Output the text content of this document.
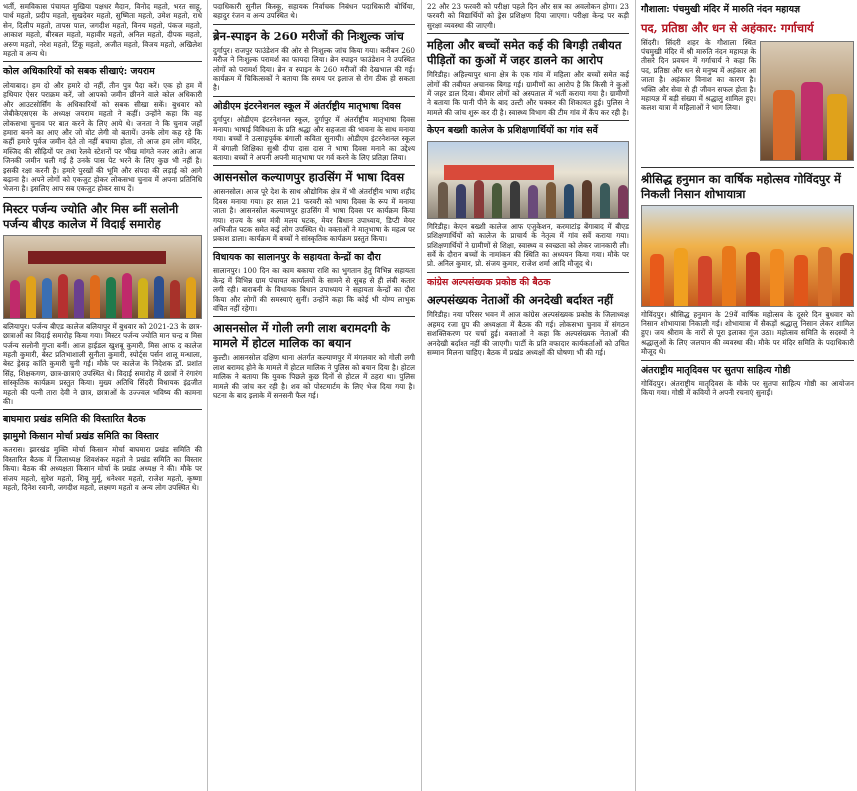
भर्ती, समविकास पंचायत मुखिया पक्षधर मैदान, विनोद महतो, भरत साहू, पार्थ महतो, प्रदीप महतो, सुखदेवर महतो, सुष्मिता महतो, उमेश महतो, राधे सेन, दिलीप महतो, तापस पाल, जगदीश महतो, विनय महतो, पंकज महतो, आकाश महतो, बीरबल महतो, महावीर महतो, अनिल महतो, दीपक महतो, अरुण महतो, नरेश महतो, टिंकू महतो, अजीत महतो, विजय महतो, अखिलेश महतो व अन्य थे।

कोल अधिकारियों को सबक सीखाएं: जयराम

लोयाबाद। हम दो और हमारे दो नहीं, तीन पुत्र पैदा करें। एक हो हम में हथियार ऐसर पराक्रम करें, जो आपको जमीन छीनने वाले कोल अधिकारी और आउटसोर्सिंग के अधिकारियों को सबक सीखा सकें। बुधवार को जेबीकेएसएस के अध्यक्ष जयराम महतो ने कहीं। उन्होंने कहा कि वह लोकसभा चुनाव पर बात करने के लिए आये थे। जनता ने कि चुनाव जहाँ हमारा बनने का आए और जो वोट लेगी वो बतायें। उनके लोग कह रहे कि कहीं हमारे पूर्वज जमीन देते तो नहीं बचाया होता, तो आज हम लोग मंदिर, मस्जिद की सीढ़ियों पर तथा रेलवे स्टेशनों पर भीख मांगते नजर आते। आज जिनकी जमीन चली गई है उनके पास पेट भरने के लिए कुछ भी नहीं है। इसकी रक्षा करनी है। हमारे पुरखों की भूमि और संपदा की लड़ाई को आगे बढ़ाना है। अपने लोगों को एकजुट होकर लोकसभा चुनाव में अपना प्रतिनिधि भेजना है। इसलिए आप सब एकजुट होकर साथ दें।

मिस्टर पर्जन्य ज्योति और मिस ब्नीं सलोनी पर्जन्य बीएड कालेज में विदाई समारोह

बलियापुर। पर्जन्य बीएड कालेज बलियापुर में बुधवार को 2021-23 के छात्र-छात्राओं का विदाई समारोह किया गया। मिस्टर पर्जन्य ज्योति मान चन्द्र व मिस पर्जन्य सलोनी गुप्ता बनीं। आज हाईडल खुशबू कुमारी, मिस आफ द कालेज महती कुमारी, बेस्ट प्रतिभाशाली सुनीता कुमारी, स्पोर्ट्स पर्सन शालू मन्धाला, बेस्ट ड्रेसड़ कांति कुमारी चुनी गई। मौके पर कालेज के निदेशक डॉ. प्रशांत सिंह, शिक्षकगण, छात्र-छात्राएं उपस्थित थे। विदाई समारोह में छात्रों ने रंगारंग सांस्कृतिक कार्यक्रम प्रस्तुत किया। मुख्य अतिथि सिंदरी विधायक इंद्रजीत महतो की पत्नी तारा देवी ने छात्र, छात्राओं के उज्ज्वल भविष्य की कामना की।

बाघमारा प्रखंड समिति की विस्तारित बैठक
झामुमो किसान मोर्चा प्रखंड समिति का विस्तार

कतरास। झारखंड मुक्ति मोर्चा किसान मोर्चा बाघमारा प्रखंड समिति की विस्तारित बैठक में जिलाध्यक्ष शिवशंकर महतो ने प्रखंड समिति का विस्तार किया। बैठक की अध्यक्षता किसान मोर्चा के प्रखंड अध्यक्ष ने की। मौके पर संजय महतो, सुरेश महतो, शिबू मुर्मू, धनेश्वर महतो, राजेश महतो, कृष्णा महतो, दिनेश रवानी, जगदीश महतो, लक्ष्मण महतो व अन्य लोग उपस्थित थे।

पदाधिकारी सुनील किस्कू, सहायक निर्वाचक निबंधन पदाधिकारी बोर्धिया, बहादुर रंजन व अन्य उपस्थित थे।

ब्रेन-स्पाइन के 260 मरीजों की निःशुल्क जांच

दुर्गापुर। राजपुर फाउंडेशन की ओर से निःशुल्क जांच किया गया। करीबन 260 मरीज ने निःशुल्क परामर्श का फायदा लिया। ब्रेन स्पाइन फाउंडेशन ने उपस्थित लोगों को परामर्श दिया। ब्रेन व स्पाइन के 260 मरीजों की देखभाल की गई। कार्यक्रम में चिकित्सकों ने बताया कि समय पर इलाज से रोग ठीक हो सकता है।

ओडीएम इंटरनेशनल स्कूल में अंतर्राष्ट्रीय मातृभाषा दिवस

दुर्गापुर। ओडीएम इंटरनेशनल स्कूल, दुर्गापुर में अंतर्राष्ट्रीय मातृभाषा दिवस मनाया। भाषाई विविधता के प्रति श्रद्धा और सहजता की भावना के साथ मनाया गया। बच्चों ने उत्साहपूर्वक बंगाली कविता सुनायी। ओडीएम इंटरनेशनल स्कूल में बंगाली शिक्षिका सुश्री दीपा दास दास ने भाषा दिवस मनाने का उद्देश्य बताया। बच्चों ने अपनी अपनी मातृभाषा पर गर्व करने के लिए प्रतिज्ञा लिया।

आसनसोल कल्याणपुर हाउसिंग में भाषा दिवस

आसनसोल। आज पूरे देश के साथ औद्योगिक क्षेत्र में भी अंतर्राष्ट्रीय भाषा शहीद दिवस मनाया गया। हर साल 21 फरवरी को भाषा दिवस के रूप में मनाया जाता है। आसनसोल कल्याणपुर हाउसिंग में भाषा दिवस पर कार्यक्रम किया गया। राज्य के श्रम मंत्री मलय घटक, मेयर बिधान उपाध्याय, डिप्टी मेयर अभिजीत घटक समेत कई लोग उपस्थित थे। वक्ताओं ने मातृभाषा के महत्व पर प्रकाश डाला। कार्यक्रम में बच्चों ने सांस्कृतिक कार्यक्रम प्रस्तुत किया।

विधायक का सालानपुर के सहायता केन्द्रों का दौरा

सालानपुर। 100 दिन का काम बकाया राशि का भुगतान हेतु विभिन्न सहायता केन्द्र में विभिन्न ग्राम पंचायत कार्यालयों के सामने से सुबह से ही लंबी कतार लगी रही। बाराबनी के विधायक बिधान उपाध्याय ने सहायता केन्द्रों का दौरा किया और लोगों की समस्याएं सुनीं। उन्होंने कहा कि कोई भी योग्य लाभुक वंचित नहीं रहेगा।

आसनसोल में गोली लगी लाश बरामदगी के मामले में होटल मालिक का बयान

कुल्टी। आसनसोल दक्षिण थाना अंतर्गत कल्याणपुर में मंगलवार को गोली लगी लाश बरामद होने के मामले में होटल मालिक ने पुलिस को बयान दिया है। होटल मालिक ने बताया कि युवक पिछले कुछ दिनों से होटल में ठहरा था। पुलिस मामले की जांच कर रही है। शव को पोस्टमार्टम के लिए भेज दिया गया है। घटना के बाद इलाके में सनसनी फैल गई।

22 और 23 फरवरी को परीक्षा पहले दिन और सत्र का अवलोकन होगा। 23 फरवरी को विद्यार्थियों को ड्रेस प्रशिक्षण दिया जाएगा। परीक्षा केन्द्र पर कड़ी सुरक्षा व्यवस्था की जाएगी।

महिला और बच्चों समेत कई की बिगड़ी तबीयत पीड़ितों का कुओं में जहर डालने का आरोप

गिरिडीह। अहिल्यापुर थाना क्षेत्र के एक गांव में महिला और बच्चों समेत कई लोगों की तबीयत अचानक बिगड़ गई। ग्रामीणों का आरोप है कि किसी ने कुओं में जहर डाल दिया। बीमार लोगों को अस्पताल में भर्ती कराया गया है। ग्रामीणों ने बताया कि पानी पीने के बाद उल्टी और चक्कर की शिकायत हुई। पुलिस ने मामले की जांच शुरू कर दी है। स्वास्थ्य विभाग की टीम गांव में कैंप कर रही है।

केएन बख्शी कालेज के प्रशिक्षणार्थियों का गांव सर्वे

गिरिडीह। केएन बख्शी कालेज आफ एजुकेशन, करमाटांड़ बेंगाबाद में बीएड प्रशिक्षणार्थियों को कालेज के प्राचार्य के नेतृत्व में गांव सर्वे कराया गया। प्रशिक्षणार्थियों ने ग्रामीणों से शिक्षा, स्वास्थ्य व स्वच्छता को लेकर जानकारी ली। सर्वे के दौरान बच्चों के नामांकन की स्थिति का अध्ययन किया गया। मौके पर प्रो. अनिल कुमार, प्रो. संजय कुमार, राजेश शर्मा आदि मौजूद थे।

कांग्रेस अल्पसंख्यक प्रकोष्ठ की बैठक
अल्पसंख्यक नेताओं की अनदेखी बर्दाश्त नहीं

गिरिडीह। नया परिसर भवन में आज कांग्रेस अल्पसंख्यक प्रकोष्ठ के जिलाध्यक्ष अहमद रजा ग्रुप की अध्यक्षता में बैठक की गई। लोकसभा चुनाव में संगठन सशक्तिकरण पर चर्चा हुई। वक्ताओं ने कहा कि अल्पसंख्यक नेताओं की अनदेखी बर्दाश्त नहीं की जाएगी। पार्टी के प्रति वफादार कार्यकर्ताओं को उचित सम्मान मिलना चाहिए। बैठक में प्रखंड अध्यक्षों की घोषणा भी की गई।

गौशाला: पंचमुखी मंदिर में मारुति नंदन महायज्ञ
पद, प्रतिष्ठा और धन से अहंकार: गर्गाचार्य

सिंदरी। सिंदरी शहर के गौशाला स्थित पंचमुखी मंदिर में श्री मारुति नंदन महायज्ञ के तीसरे दिन प्रवचन में गर्गाचार्य ने कहा कि पद, प्रतिष्ठा और धन से मनुष्य में अहंकार आ जाता है। अहंकार विनाश का कारण है। भक्ति और सेवा से ही जीवन सफल होता है। महायज्ञ में बड़ी संख्या में श्रद्धालु शामिल हुए। कलश यात्रा में महिलाओं ने भाग लिया।

श्रीसिद्ध हनुमान का वार्षिक महोत्सव गोविंदपुर में निकली निसान शोभायात्रा

गोविंदपुर। श्रीसिद्ध हनुमान के 29वें वार्षिक महोत्सव के दूसरे दिन बुधवार को निसान शोभायात्रा निकाली गई। शोभायात्रा में सैकड़ों श्रद्धालु निसान लेकर शामिल हुए। जय श्रीराम के नारों से पूरा इलाका गूंज उठा। महोत्सव समिति के सदस्यों ने श्रद्धालुओं के लिए जलपान की व्यवस्था की। मौके पर मंदिर समिति के पदाधिकारी मौजूद थे।

अंतराष्ट्रीय मातृदिवस पर सुतपा साहित्य गोष्ठी

गोविंदपुर। अंतराष्ट्रीय मातृदिवस के मौके पर सुतपा साहित्य गोष्ठी का आयोजन किया गया। गोष्ठी में कवियों ने अपनी रचनाएं सुनाईं।
